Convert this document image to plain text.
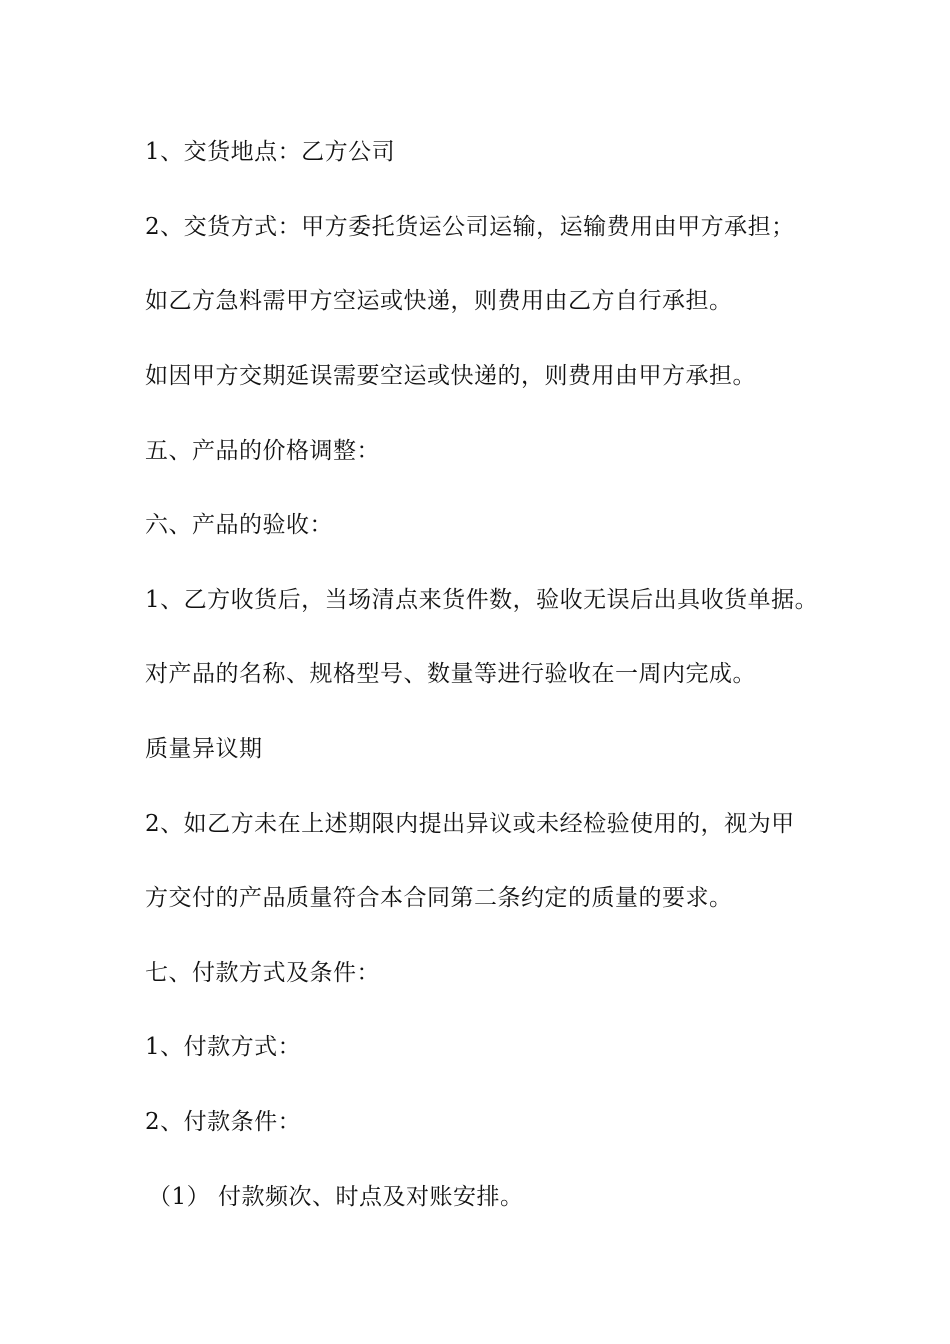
1、交货地点：乙方公司
2、交货方式：甲方委托货运公司运输，运输费用由甲方承担；
如乙方急料需甲方空运或快递，则费用由乙方自行承担。
如因甲方交期延误需要空运或快递的，则费用由甲方承担。
五、产品的价格调整：
六、产品的验收：
1、乙方收货后，当场清点来货件数，验收无误后出具收货单据。
对产品的名称、规格型号、数量等进行验收在一周内完成。
质量异议期
2、如乙方未在上述期限内提出异议或未经检验使用的，视为甲
方交付的产品质量符合本合同第二条约定的质量的要求。
七、付款方式及条件：
1、付款方式：
2、付款条件：
（1） 付款频次、时点及对账安排。
